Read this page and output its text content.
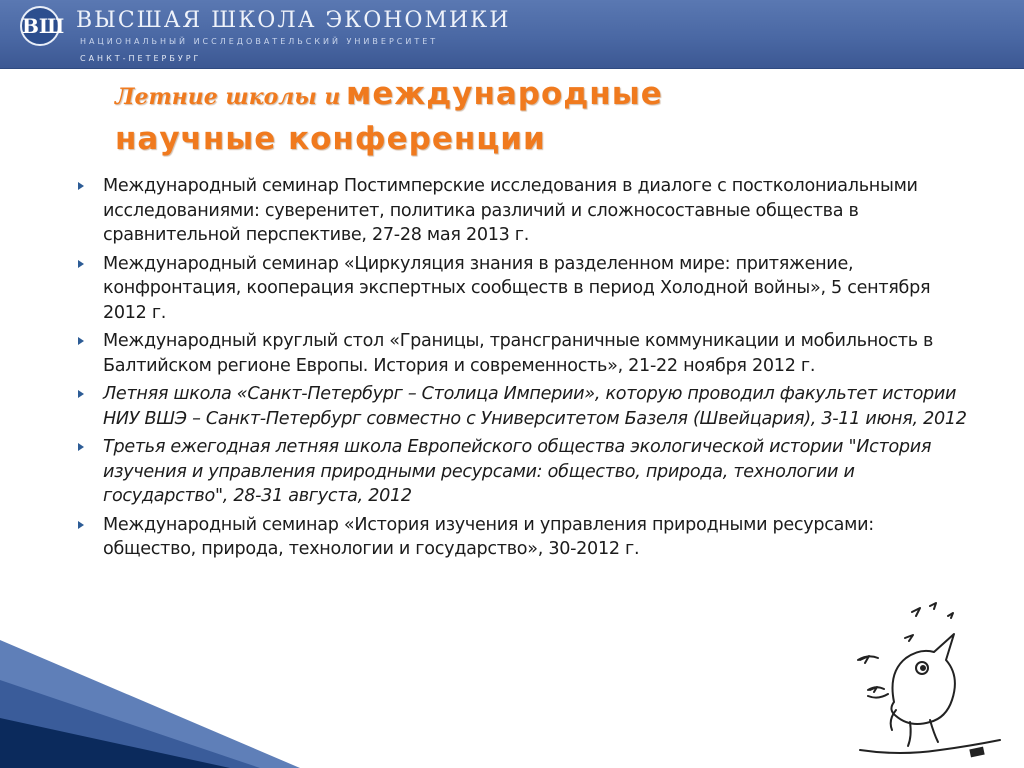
ВШ ВЫСШАЯ ШКОЛА ЭКОНОМИКИ
НАЦИОНАЛЬНЫЙ ИССЛЕДОВАТЕЛЬСКИЙ УНИВЕРСИТЕТ
САНКТ-ПЕТЕРБУРГ
Летние школы и международные научные конференции
Международный семинар Постимперские исследования в диалоге с постколониальными исследованиями: суверенитет, политика различий и сложносоставные общества в сравнительной перспективе, 27-28 мая 2013 г.
Международный семинар «Циркуляция знания в разделенном мире: притяжение, конфронтация, кооперация экспертных сообществ в период Холодной войны», 5 сентября 2012 г.
Международный круглый стол «Границы, трансграничные коммуникации и мобильность в Балтийском регионе Европы. История и современность», 21-22 ноября 2012 г.
Летняя школа «Санкт-Петербург – Столица Империи», которую проводил факультет истории НИУ ВШЭ – Санкт-Петербург совместно с Университетом Базеля (Швейцария), 3-11 июня, 2012
Третья ежегодная летняя школа Европейского общества экологической истории "История изучения и управления природными ресурсами: общество, природа, технологии и государство", 28-31 августа, 2012
Международный семинар «История изучения и управления природными ресурсами: общество, природа, технологии и государство», 30-2012 г.
